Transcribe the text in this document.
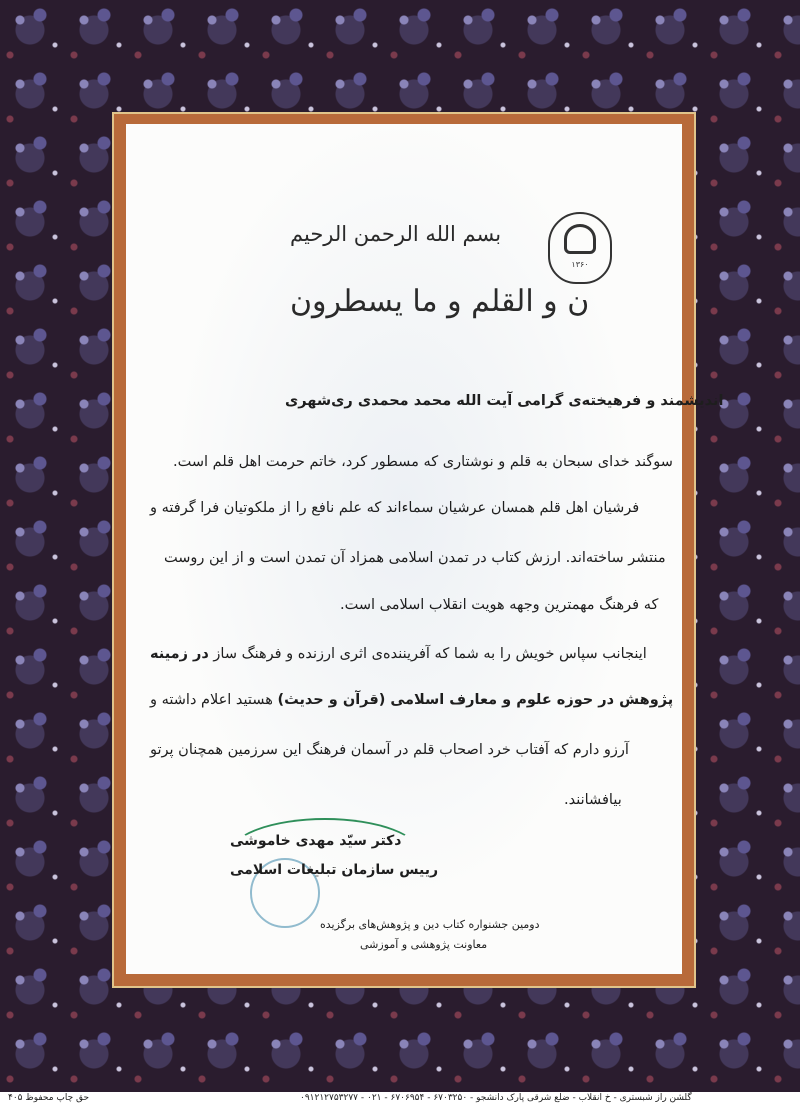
۱۳۶۰
بسم الله الرحمن الرحیم
ن و القلم و ما یسطرون
اندیشمند و فرهیخته‌ی گرامی آیت الله محمد محمدی ری‌شهری
سوگند خدای سبحان به قلم و نوشتاری که مسطور کرد، خاتم حرمت اهل قلم است.
فرشیان اهل قلم همسان عرشیان سماء‌اند که علم نافع را از ملکوتیان فرا گرفته و
منتشر ساخته‌اند. ارزش کتاب در تمدن اسلامی همزاد آن تمدن است و از این روست
که فرهنگ مهمترین وجهه هویت انقلاب اسلامی است.
اینجانب سپاس خویش را به شما که آفریننده‌ی اثری ارزنده و فرهنگ ساز در زمینه
پژوهش در حوزه علوم و معارف اسلامی (قرآن و حدیث) هستید اعلام داشته و
آرزو دارم که آفتاب خرد اصحاب قلم در آسمان فرهنگ این سرزمین همچنان پرتو
بیافشانند.
دکتر سیّد مهدی خاموشی
رییس سازمان تبلیغات اسلامی
دومین جشنواره کتاب دین و پژوهش‌های برگزیده
معاونت پژوهشی و آموزشی
گلشن راز شبستری - خ انقلاب - ضلع شرقی پارک دانشجو - ۶۷۰۳۲۵۰ - ۶۷۰۶۹۵۴ - ۰۲۱ - ۰۹۱۲۱۲۷۵۳۲۷۷
حق چاپ محفوظ ۴۰۵
